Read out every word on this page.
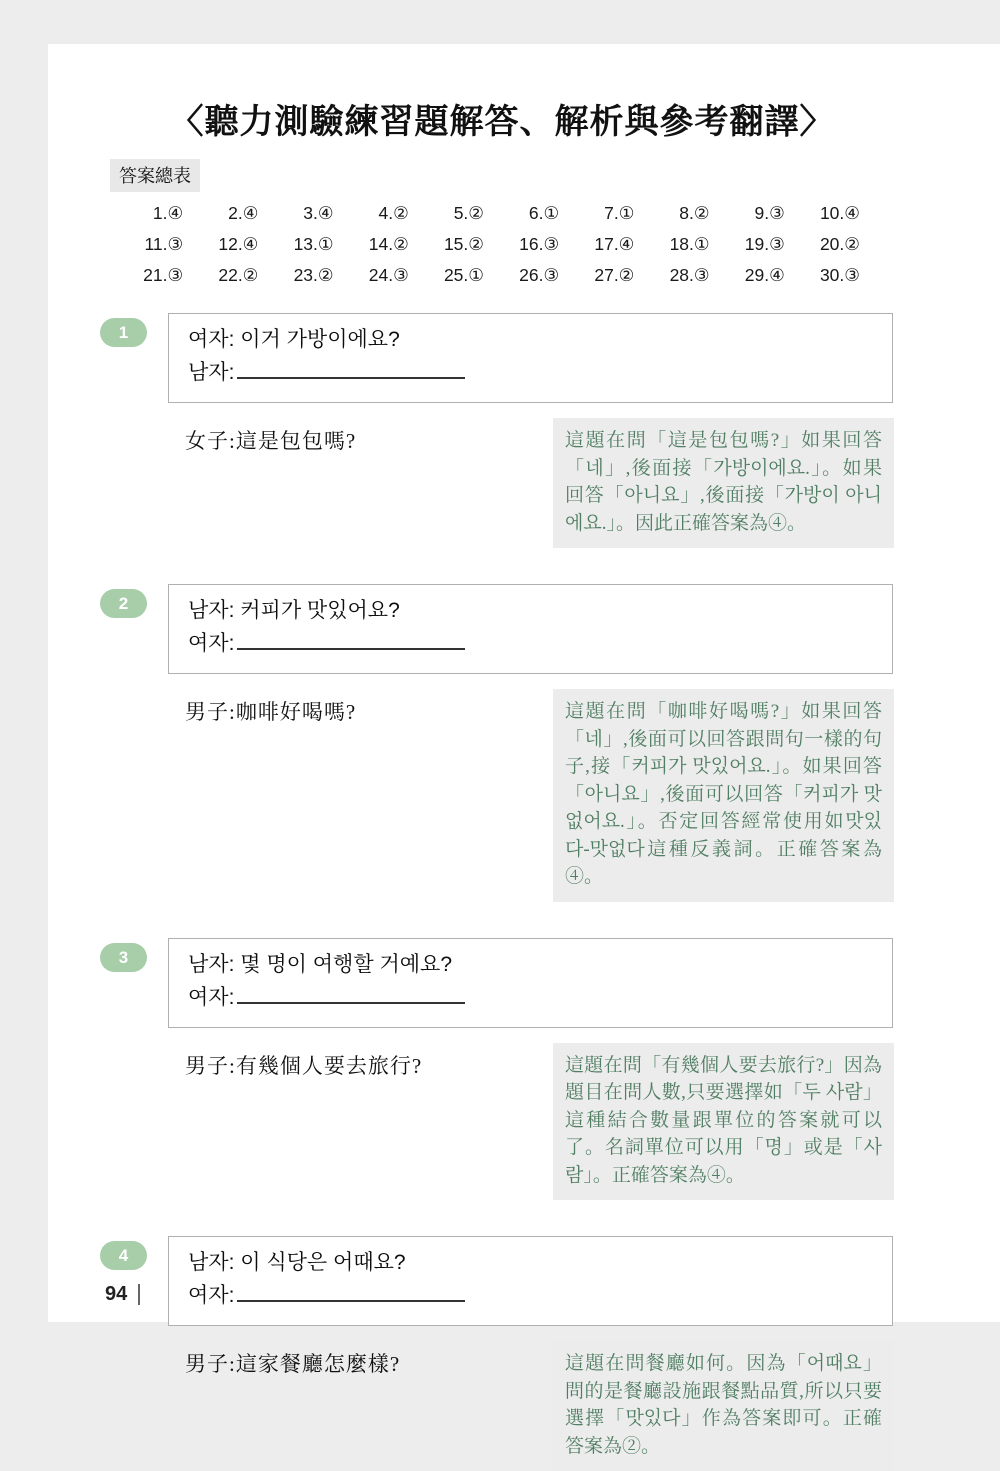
〈聽力測驗練習題解答、解析與參考翻譯〉
答案總表
1.④	2.④	3.④	4.②	5.②	6.①	7.①	8.②	9.③	10.④
11.③	12.④	13.①	14.②	15.②	16.③	17.④	18.①	19.③	20.②
21.③	22.②	23.②	24.③	25.①	26.③	27.②	28.③	29.④	30.③
1	여자: 이거 가방이에요?
남자:
女子:這是包包嗎?	這題在問「這是包包嗎?」如果回答「네」,後面接「가방이에요.」。如果回答「아니요」,後面接「가방이 아니에요.」。因此正確答案為④。
2	남자: 커피가 맛있어요?
여자:
男子:咖啡好喝嗎?	這題在問「咖啡好喝嗎?」如果回答「네」,後面可以回答跟問句一樣的句子,接「커피가 맛있어요.」。如果回答「아니요」,後面可以回答「커피가 맛없어요.」。否定回答經常使用如맛있다-맛없다這種反義詞。正確答案為④。
3	남자: 몇 명이 여행할 거예요?
여자:
男子:有幾個人要去旅行?	這題在問「有幾個人要去旅行?」因為題目在問人數,只要選擇如「두 사람」這種結合數量跟單位的答案就可以了。名詞單位可以用「명」或是「사람」。正確答案為④。
4	남자: 이 식당은 어때요?
여자:
男子:這家餐廳怎麼樣?	這題在問餐廳如何。因為「어때요」問的是餐廳設施跟餐點品質,所以只要選擇「맛있다」作為答案即可。正確答案為②。
94
